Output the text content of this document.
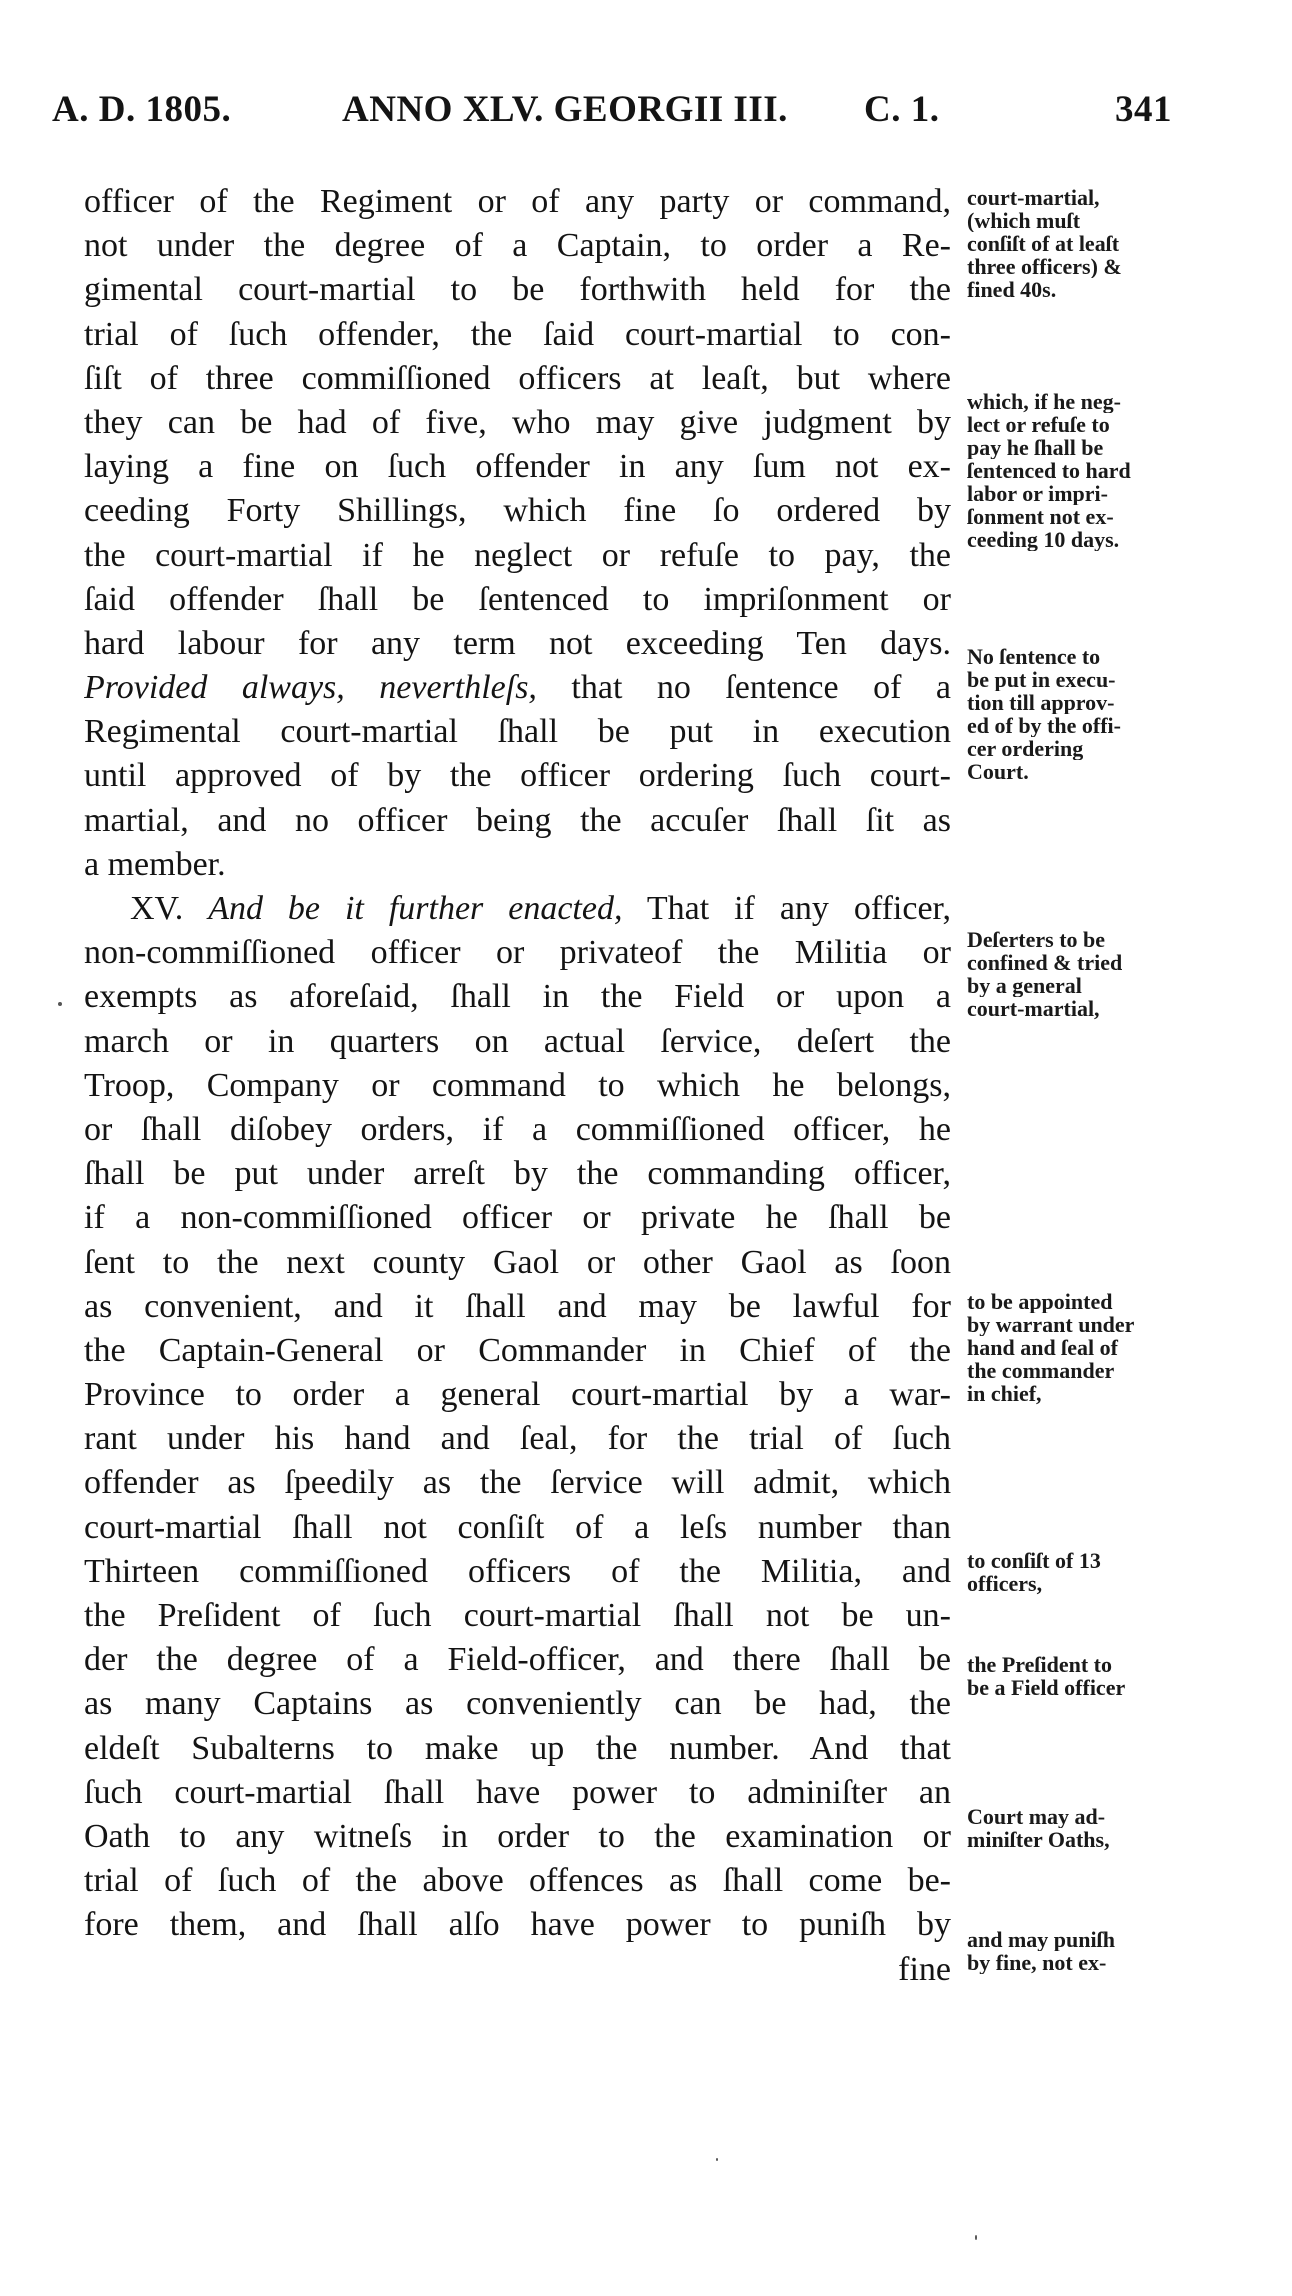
A. D. 1805.	ANNO XLV. GEORGII III. C. 1.	341
officer of the Regiment or of any party or command,
not under the degree of a Captain, to order a Re-
gimental court-martial to be forthwith held for the
trial of ſuch offender, the ſaid court-martial to con-
ſiſt of three commiſſioned officers at leaſt, but where
they can be had of five, who may give judgment by
laying a fine on ſuch offender in any ſum not ex-
ceeding Forty Shillings, which fine ſo ordered by
the court-martial if he neglect or refuſe to pay, the
ſaid offender ſhall be ſentenced to impriſonment or
hard labour for any term not exceeding Ten days.
Provided always, neverthleſs, that no ſentence of a
Regimental court-martial ſhall be put in execution
until approved of by the officer ordering ſuch court-
martial, and no officer being the accuſer ſhall ſit as
a member.
XV. And be it further enacted, That if any officer,
non-commiſſioned officer or privateof the Militia or
exempts as aforeſaid, ſhall in the Field or upon a
march or in quarters on actual ſervice, deſert the
Troop, Company or command to which he belongs,
or ſhall diſobey orders, if a commiſſioned officer, he
ſhall be put under arreſt by the commanding officer,
if a non-commiſſioned officer or private he ſhall be
ſent to the next county Gaol or other Gaol as ſoon
as convenient, and it ſhall and may be lawful for
the Captain-General or Commander in Chief of the
Province to order a general court-martial by a war-
rant under his hand and ſeal, for the trial of ſuch
offender as ſpeedily as the ſervice will admit, which
court-martial ſhall not conſiſt of a leſs number than
Thirteen commiſſioned officers of the Militia, and
the Preſident of ſuch court-martial ſhall not be un-
der the degree of a Field-officer, and there ſhall be
as many Captains as conveniently can be had, the
eldeſt Subalterns to make up the number. And that
ſuch court-martial ſhall have power to adminiſter an
Oath to any witneſs in order to the examination or
trial of ſuch of the above offences as ſhall come be-
fore them, and ſhall alſo have power to puniſh by
fine
court-martial,
(which muſt
conſiſt of at leaſt
three officers) &
fined 40s.
which, if he neg-
lect or refuſe to
pay he ſhall be
ſentenced to hard
labor or impri-
ſonment not ex-
ceeding 10 days.
No ſentence to
be put in execu-
tion till approv-
ed of by the offi-
cer ordering
Court.
Deſerters to be
confined & tried
by a general
court-martial,
to be appointed
by warrant under
hand and ſeal of
the commander
in chief,
to conſiſt of 13
officers,
the Preſident to
be a Field officer
Court may ad-
miniſter Oaths,
and may puniſh
by fine, not ex-
